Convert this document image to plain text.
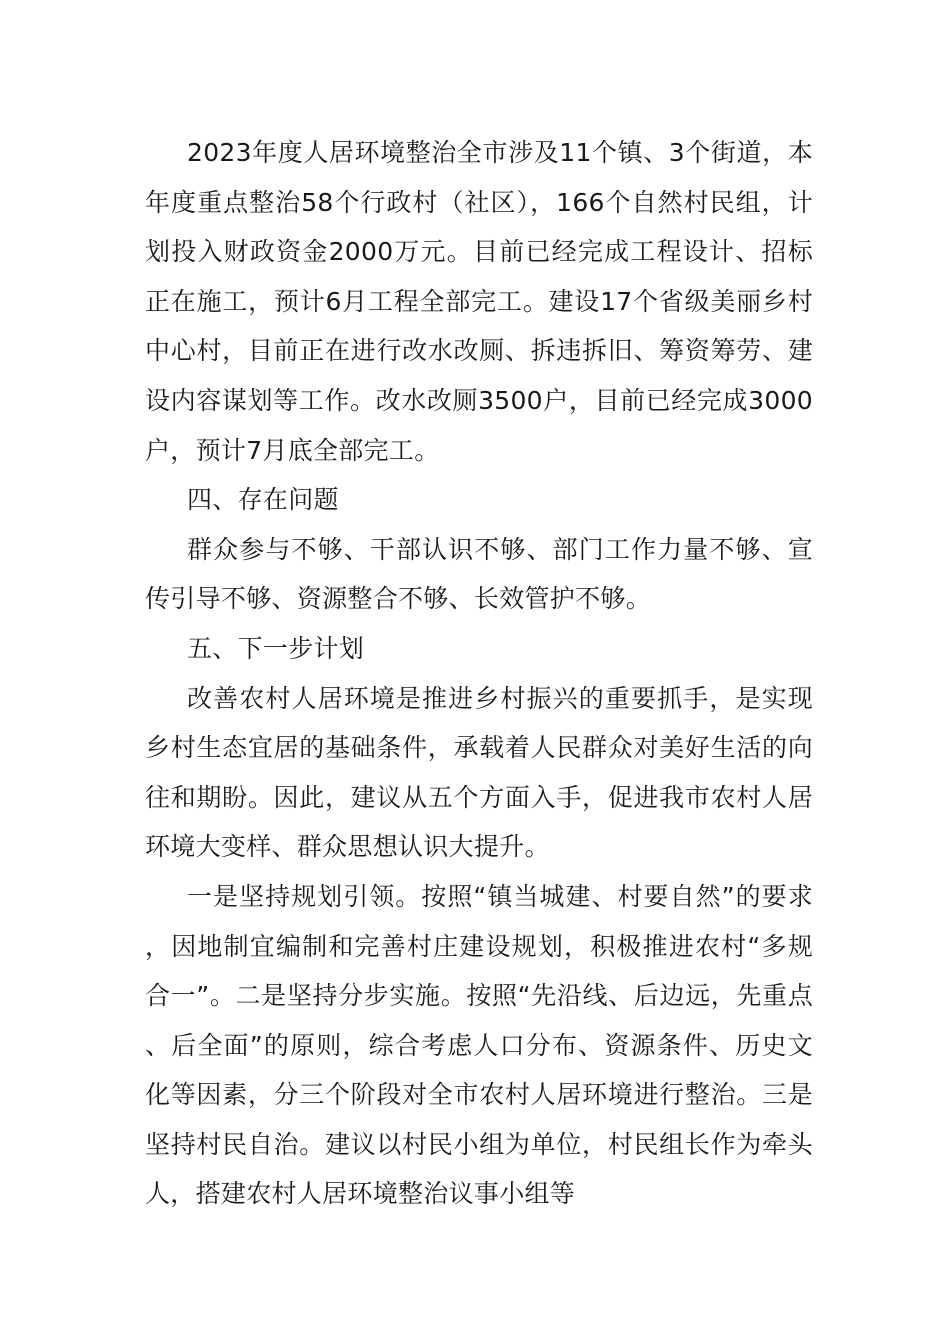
2023年度人居环境整治全市涉及11个镇、3个街道，本年度重点整治58个行政村（社区），166个自然村民组，计划投入财政资金2000万元。目前已经完成工程设计、招标正在施工，预计6月工程全部完工。建设17个省级美丽乡村中心村，目前正在进行改水改厕、拆违拆旧、筹资筹劳、建设内容谋划等工作。改水改厕3500户，目前已经完成3000户，预计7月底全部完工。

四、存在问题

群众参与不够、干部认识不够、部门工作力量不够、宣传引导不够、资源整合不够、长效管护不够。

五、下一步计划

改善农村人居环境是推进乡村振兴的重要抓手，是实现乡村生态宜居的基础条件，承载着人民群众对美好生活的向往和期盼。因此，建议从五个方面入手，促进我市农村人居环境大变样、群众思想认识大提升。

一是坚持规划引领。按照“镇当城建、村要自然”的要求，因地制宜编制和完善村庄建设规划，积极推进农村“多规合一”。二是坚持分步实施。按照“先沿线、后边远，先重点、后全面”的原则，综合考虑人口分布、资源条件、历史文化等因素，分三个阶段对全市农村人居环境进行整治。三是坚持村民自治。建议以村民小组为单位，村民组长作为牵头人，搭建农村人居环境整治议事小组等
